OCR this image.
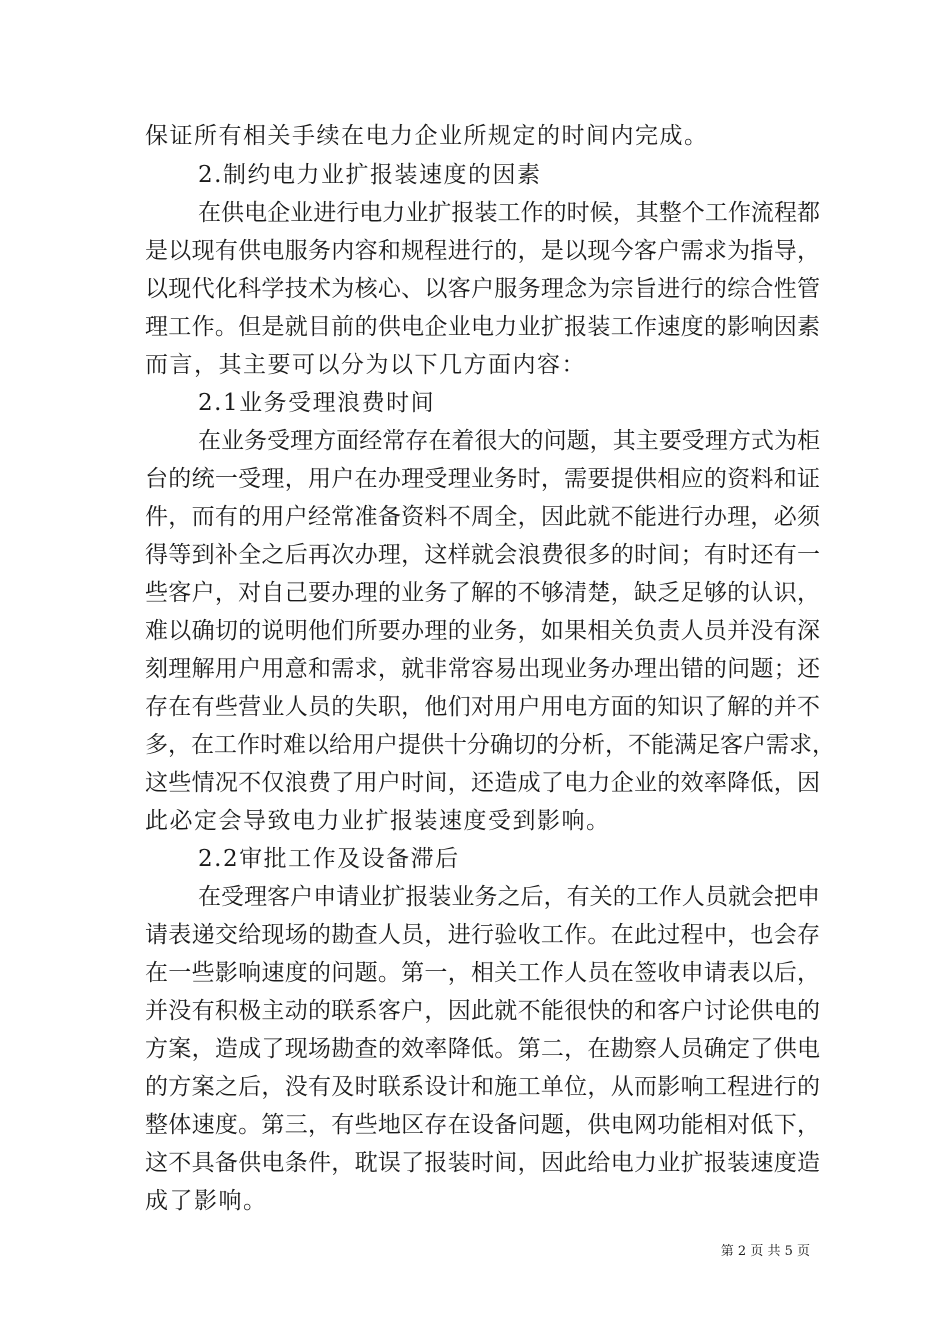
保证所有相关手续在电力企业所规定的时间内完成。
2.制约电力业扩报装速度的因素
在供电企业进行电力业扩报装工作的时候，其整个工作流程都
是以现有供电服务内容和规程进行的，是以现今客户需求为指导，
以现代化科学技术为核心、以客户服务理念为宗旨进行的综合性管
理工作。但是就目前的供电企业电力业扩报装工作速度的影响因素
而言，其主要可以分为以下几方面内容：
2.1业务受理浪费时间
在业务受理方面经常存在着很大的问题，其主要受理方式为柜
台的统一受理，用户在办理受理业务时，需要提供相应的资料和证
件，而有的用户经常准备资料不周全，因此就不能进行办理，必须
得等到补全之后再次办理，这样就会浪费很多的时间；有时还有一
些客户，对自己要办理的业务了解的不够清楚，缺乏足够的认识，
难以确切的说明他们所要办理的业务，如果相关负责人员并没有深
刻理解用户用意和需求，就非常容易出现业务办理出错的问题；还
存在有些营业人员的失职，他们对用户用电方面的知识了解的并不
多，在工作时难以给用户提供十分确切的分析，不能满足客户需求，
这些情况不仅浪费了用户时间，还造成了电力企业的效率降低，因
此必定会导致电力业扩报装速度受到影响。
2.2审批工作及设备滞后
在受理客户申请业扩报装业务之后，有关的工作人员就会把申
请表递交给现场的勘查人员，进行验收工作。在此过程中，也会存
在一些影响速度的问题。第一，相关工作人员在签收申请表以后，
并没有积极主动的联系客户，因此就不能很快的和客户讨论供电的
方案，造成了现场勘查的效率降低。第二，在勘察人员确定了供电
的方案之后，没有及时联系设计和施工单位，从而影响工程进行的
整体速度。第三，有些地区存在设备问题，供电网功能相对低下，
这不具备供电条件，耽误了报装时间，因此给电力业扩报装速度造
成了影响。
第 2 页 共 5 页
